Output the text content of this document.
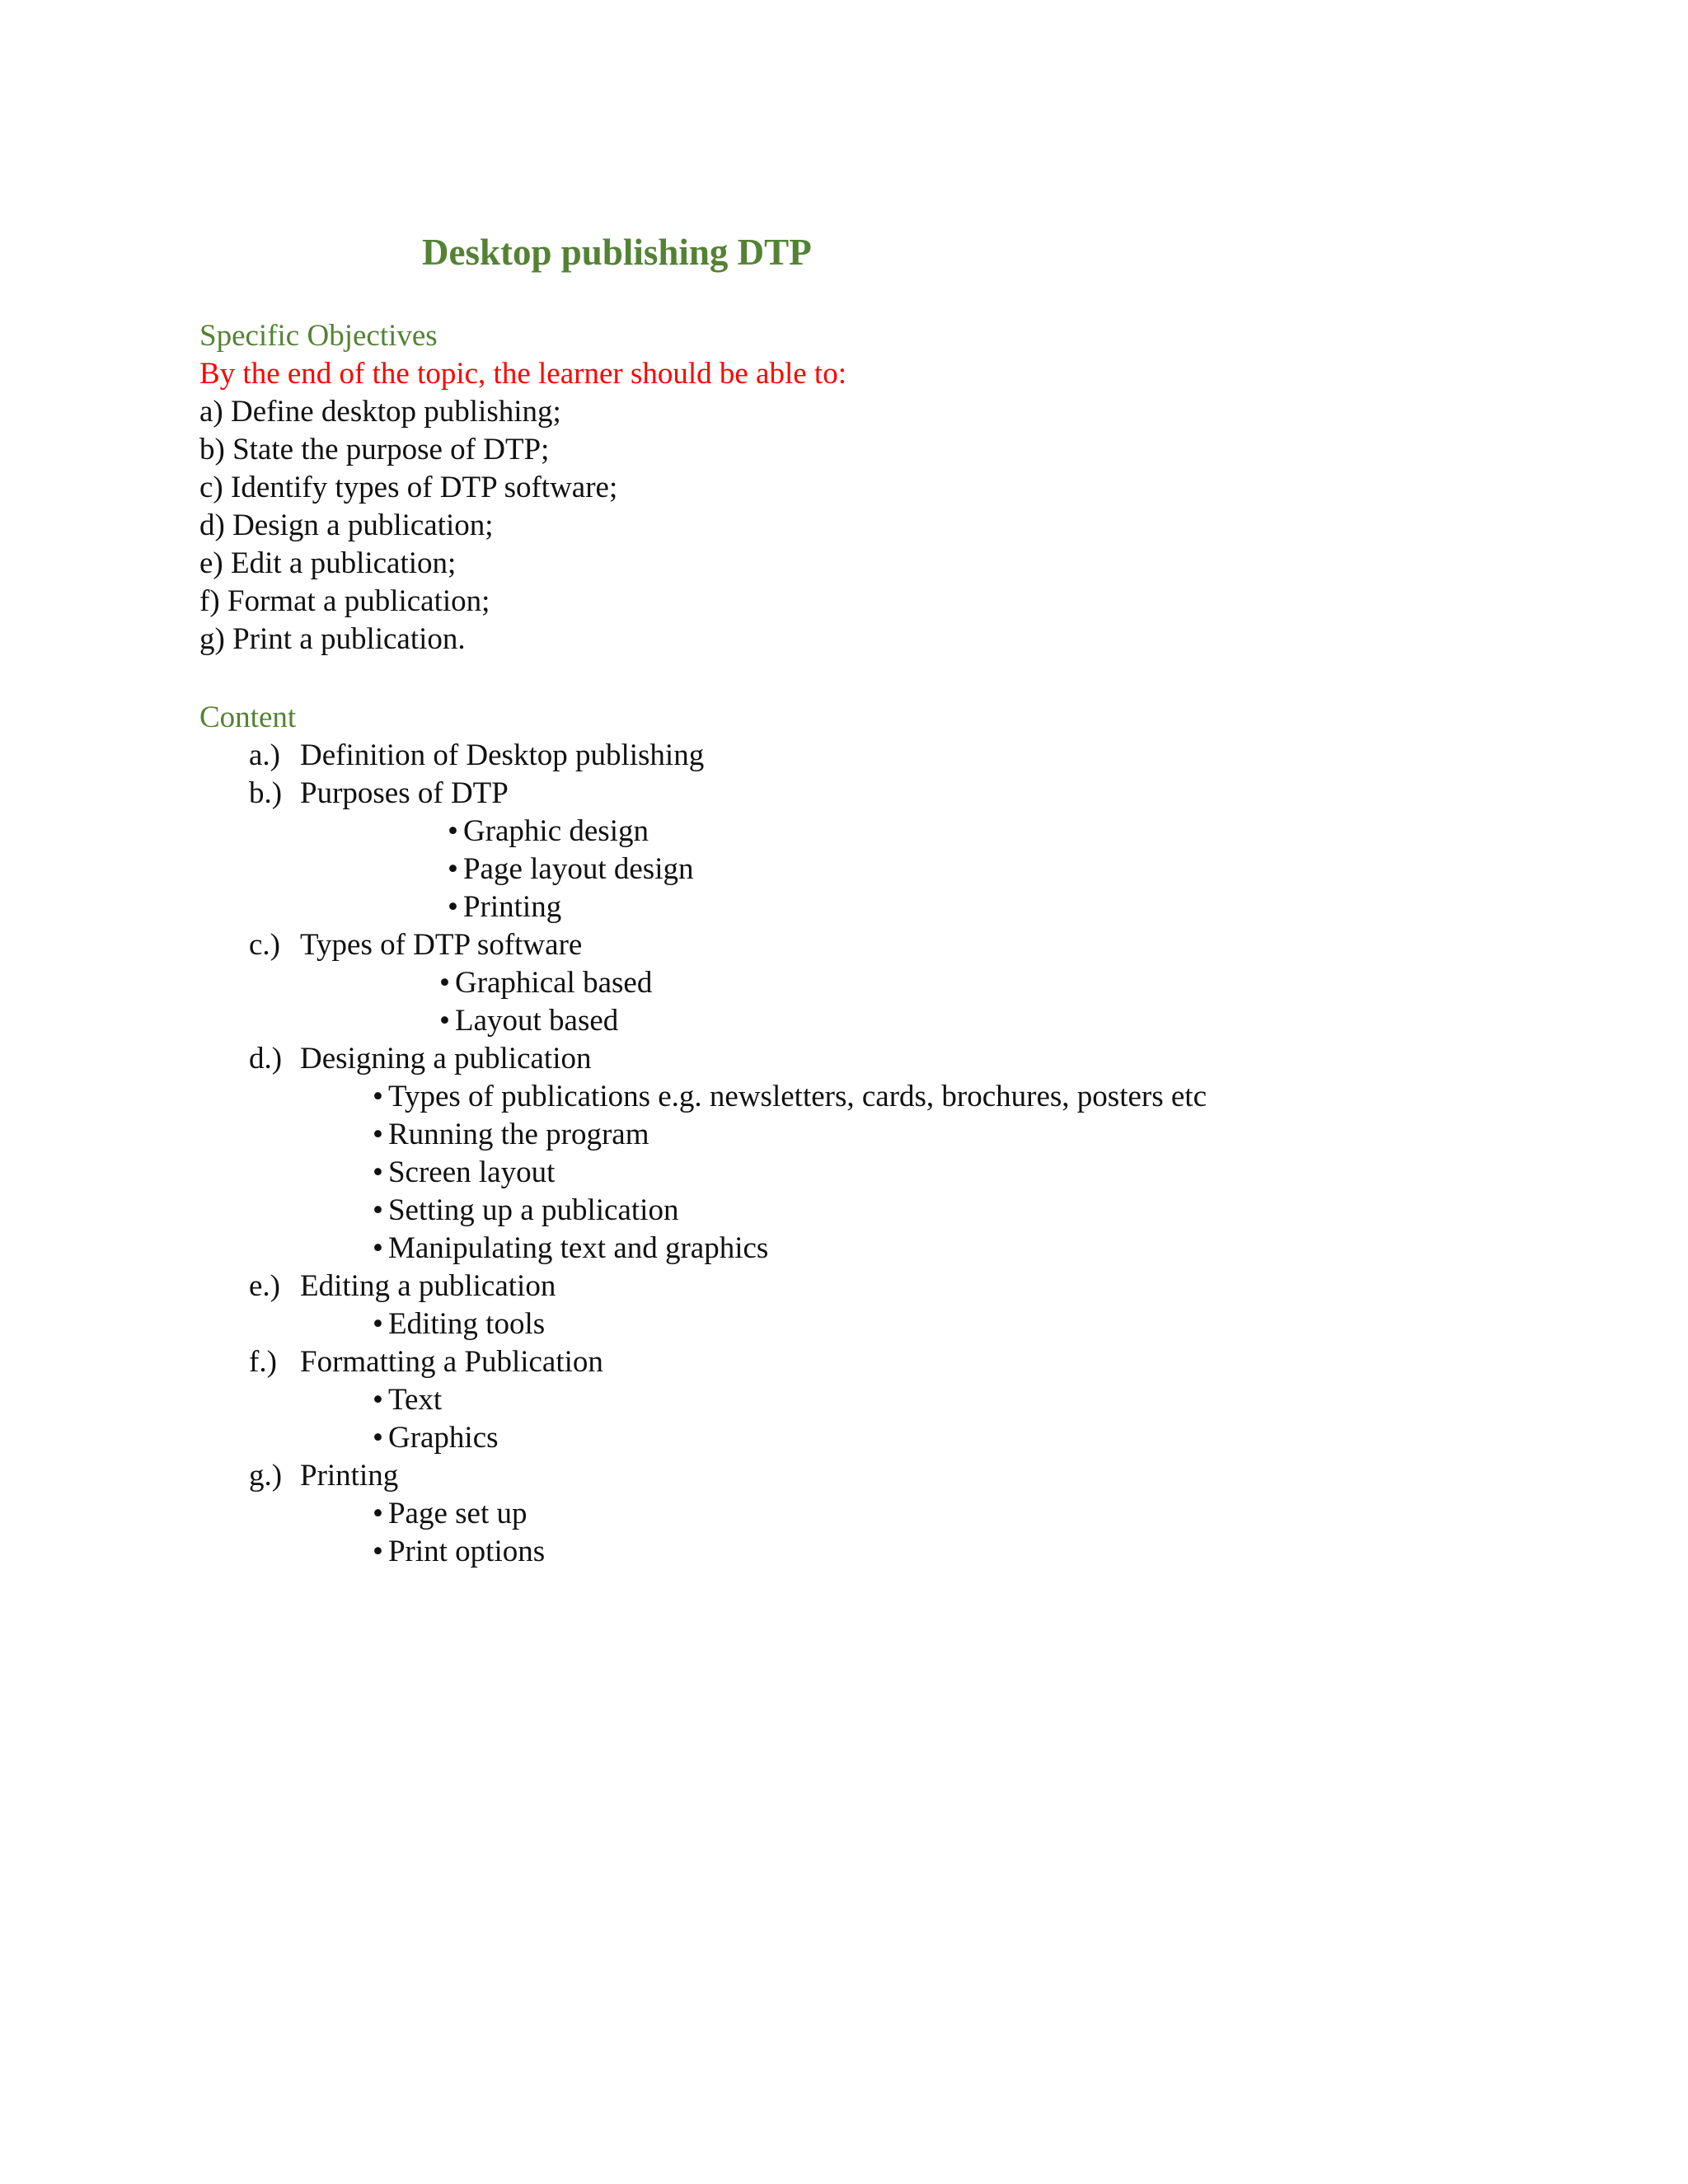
Desktop publishing DTP
Specific Objectives
By the end of the topic, the learner should be able to:
a) Define desktop publishing;
b) State the purpose of DTP;
c) Identify types of DTP software;
d) Design a publication;
e) Edit a publication;
f) Format a publication;
g) Print a publication.
Content
a.) Definition of Desktop publishing
b.) Purposes of DTP
• Graphic design
• Page layout design
• Printing
c.) Types of DTP software
• Graphical based
• Layout based
d.) Designing a publication
• Types of publications e.g. newsletters, cards, brochures, posters etc
• Running the program
• Screen layout
• Setting up a publication
• Manipulating text and graphics
e.) Editing a publication
• Editing tools
f.) Formatting a Publication
• Text
• Graphics
g.) Printing
• Page set up
• Print options
